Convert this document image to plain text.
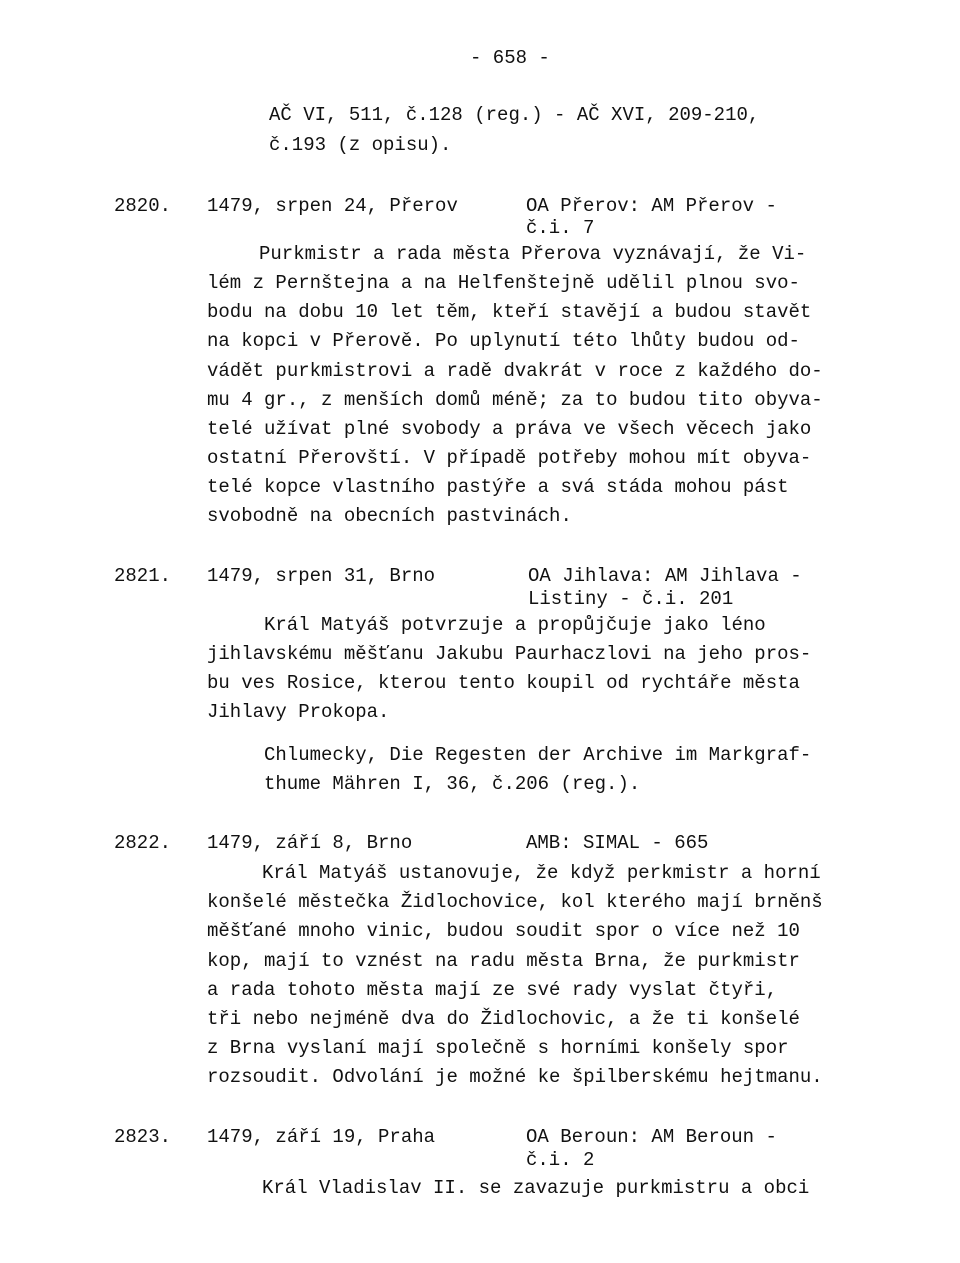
- 658 -
AČ VI, 511, č.128 (reg.) - AČ XVI, 209-210,
č.193 (z opisu).
2820. 1479, srpen 24, Přerov	OA Přerov: AM Přerov -
č.i. 7
Purkmistr a rada města Přerova vyznávají, že Vi-
lém z Pernštejna a na Helfenštejně udělil plnou svo-
bodu na dobu 10 let těm, kteří stavějí a budou stavět
na kopci v Přerově. Po uplynutí této lhůty budou od-
vádět purkmistrovi a radě dvakrát v roce z každého do-
mu 4 gr., z menších domů méně; za to budou tito obyva-
telé užívat plné svobody a práva ve všech věcech jako
ostatní Přerovští. V případě potřeby mohou mít obyva-
telé kopce vlastního pastýře a svá stáda mohou pást
svobodně na obecních pastvinách.
2821. 1479, srpen 31, Brno	OA Jihlava: AM Jihlava -
Listiny - č.i. 201
Král Matyáš potvrzuje a propůjčuje jako léno
jihlavskému měšťanu Jakubu Paurhaczlovi na jeho pros-
bu ves Rosice, kterou tento koupil od rychtáře města
Jihlavy Prokopa.
Chlumecky, Die Regesten der Archive im Markgraf-
thume Mähren I, 36, č.206 (reg.).
2822. 1479, září 8, Brno	AMB: SIMAL - 665
Král Matyáš ustanovuje, že když perkmistr a horní
konšelé městečka Židlochovice, kol kterého mají brněnš
měšťané mnoho vinic, budou soudit spor o více než 10
kop, mají to vznést na radu města Brna, že purkmistr
a rada tohoto města mají ze své rady vyslat čtyři,
tři nebo nejméně dva do Židlochovic, a že ti konšelé
z Brna vyslaní mají společně s horními konšely spor
rozsoudit. Odvolání je možné ke špilberskému hejtmanu.
2823. 1479, září 19, Praha	OA Beroun: AM Beroun -
č.i. 2
Král Vladislav II. se zavazuje purkmistru a obci
